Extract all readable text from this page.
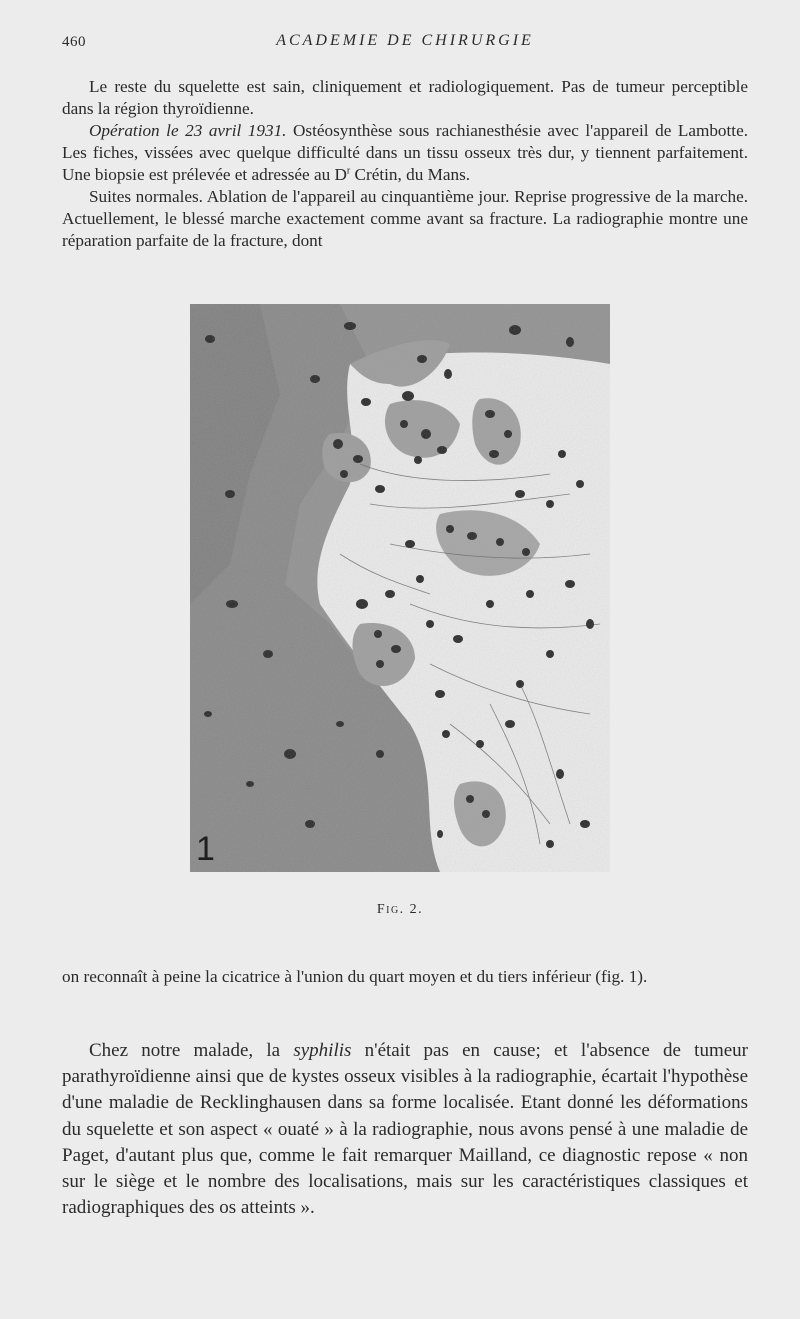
460	ACADEMIE DE CHIRURGIE

Le reste du squelette est sain, cliniquement et radiologiquement. Pas de tumeur perceptible dans la région thyroïdienne.

Opération le 23 avril 1931. Ostéosynthèse sous rachianesthésie avec l'appareil de Lambotte. Les fiches, vissées avec quelque difficulté dans un tissu osseux très dur, y tiennent parfaitement. Une biopsie est prélevée et adressée au $D^r$ Crétin, du Mans.

Suites normales. Ablation de l'appareil au cinquantième jour. Reprise progressive de la marche. Actuellement, le blessé marche exactement comme avant sa fracture. La radiographie montre une réparation parfaite de la fracture, dont

1
Fig. 2.

on reconnaît à peine la cicatrice à l'union du quart moyen et du tiers inférieur (fig. 1).

Chez notre malade, la syphilis n'était pas en cause; et l'absence de tumeur parathyroïdienne ainsi que de kystes osseux visibles à la radiographie, écartait l'hypothèse d'une maladie de Recklinghausen dans sa forme localisée. Etant donné les déformations du squelette et son aspect « ouaté » à la radiographie, nous avons pensé à une maladie de Paget, d'autant plus que, comme le fait remarquer Mailland, ce diagnostic repose « non sur le siège et le nombre des localisations, mais sur les caractéristiques classiques et radiographiques des os atteints ».
